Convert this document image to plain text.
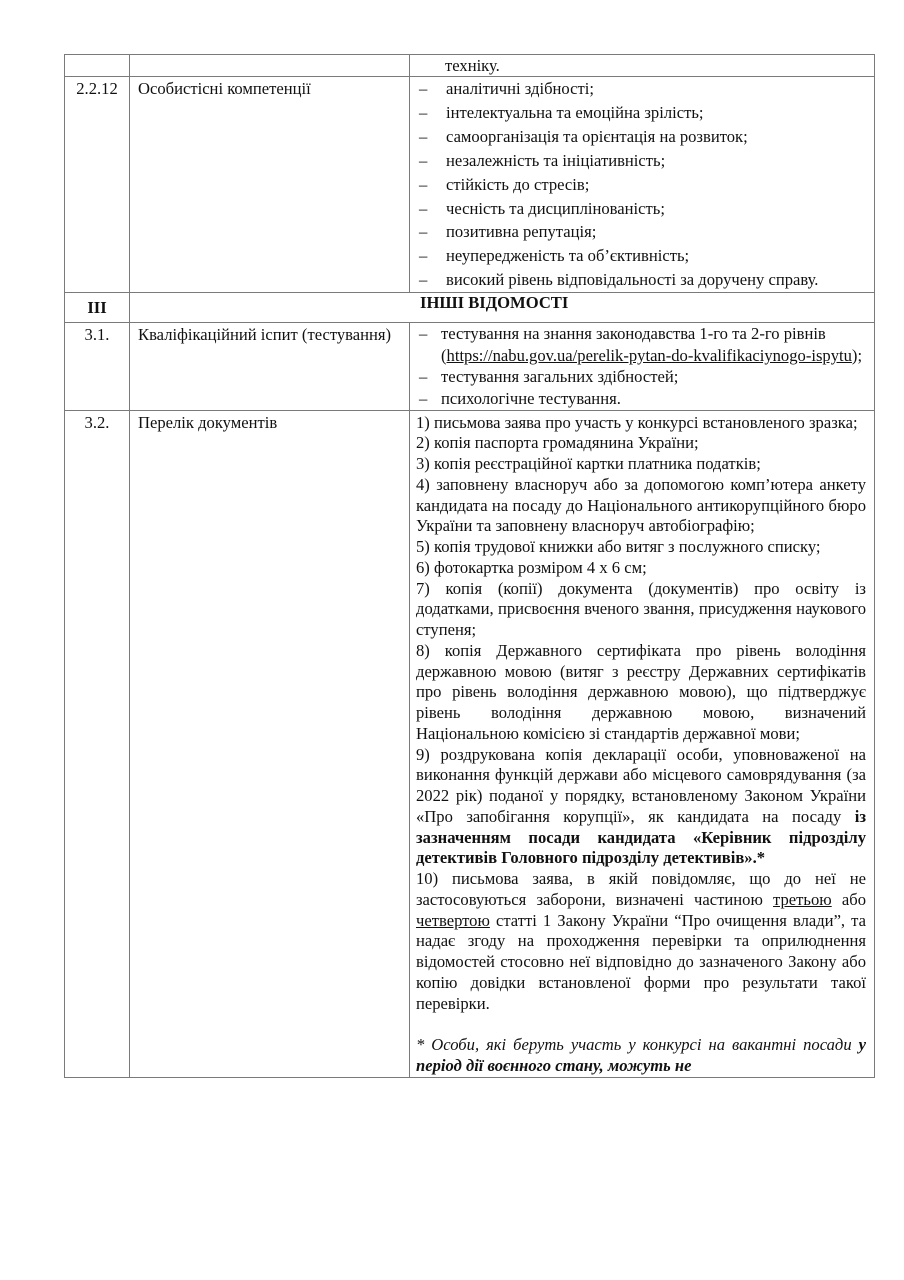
		техніку.
2.2.12	Особистісні компетенції	
–аналітичні здібності;
– інтелектуальна та емоційна зрілість;
– самоорганізація та орієнтація на розвиток;
– незалежність та ініціативність;
– стійкість до стресів;
– чесність та дисциплінованість;
– позитивна репутація;
– неупередженість та об’єктивність;
– високий рівень відповідальності за доручену справу.

ІІІ	ІНШІ ВІДОМОСТІ	
3.1.	Кваліфікаційний іспит (тестування)	
–тестування на знання законодавства 1-го та 2-го рівнів (https://nabu.gov.ua/perelik-pytan-do-kvalifikaciynogo-ispytu);
– тестування загальних здібностей;
– психологічне тестування.

3.2.	Перелік документів	1) письмова заява про участь у конкурсі встановленого зразка;

2) копія паспорта громадянина України;

3) копія реєстраційної картки платника податків;

4) заповнену власноруч або за допомогою комп’ютера анкету кандидата на посаду до Національного антикорупційного бюро України та заповнену власноруч автобіографію;

5) копія трудової книжки або витяг з послужного списку;

6) фотокартка розміром 4 х 6 см;

7) копія (копії) документа (документів) про освіту із додатками, присвоєння вченого звання, присудження наукового ступеня;

8) копія Державного сертифіката про рівень володіння державною мовою (витяг з реєстру Державних сертифікатів про рівень володіння державною мовою), що підтверджує рівень володіння державною мовою, визначений Національною комісією зі стандартів державної мови;

9) роздрукована копія декларації особи, уповноваженої на виконання функцій держави або місцевого самоврядування (за 2022 рік) поданої у порядку, встановленому Законом України «Про запобігання корупції», як кандидата на посаду із зазначенням посади кандидата «Керівник підрозділу детективів Головного підрозділу детективів».*

10) письмова заява, в якій повідомляє, що до неї не застосовуються заборони, визначені частиною третьою або четвертою статті 1 Закону України “Про очищення влади”, та надає згоду на проходження перевірки та оприлюднення відомостей стосовно неї відповідно до зазначеного Закону або копію довідки встановленої форми про результати такої перевірки.

* Особи, які беруть участь у конкурсі на вакантні посади у період дії воєнного стану, можуть не
